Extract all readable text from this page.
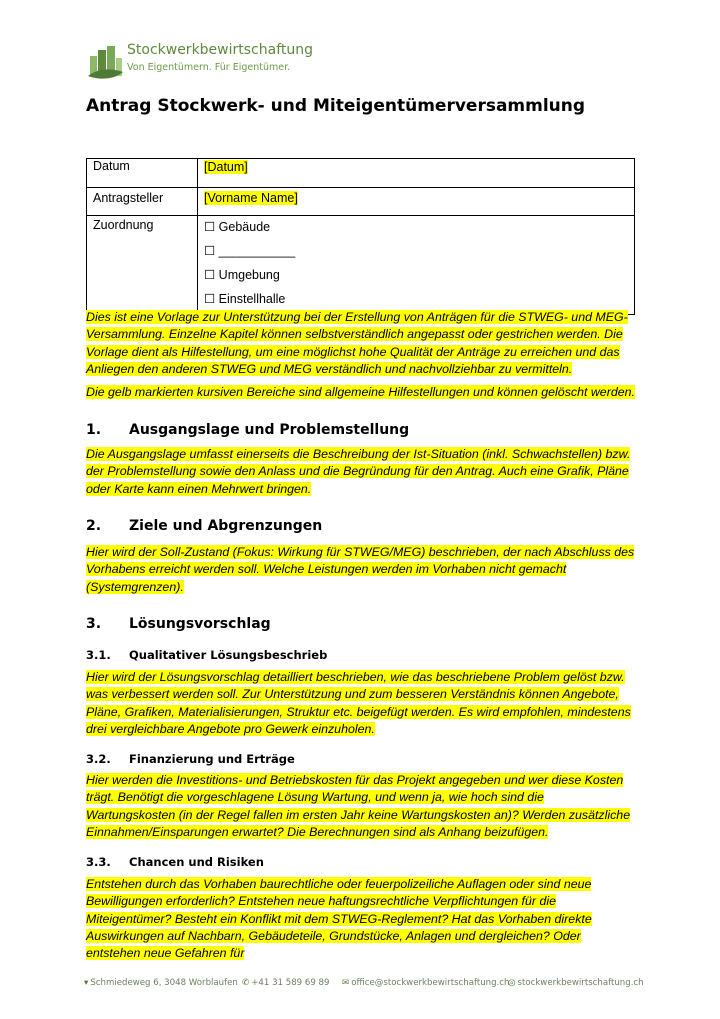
Stockwerkbewirtschaftung
Von Eigentümern. Für Eigentümer.
Antrag Stockwerk- und Miteigentümerversammlung
Datum	[Datum]
Antragsteller	[Vorname Name]
Zuordnung	☐ Gebäude
☐ ___________
☐ Umgebung
☐ Einstellhalle
Dies ist eine Vorlage zur Unterstützung bei der Erstellung von Anträgen für die STWEG- und MEG-Versammlung. Einzelne Kapitel können selbstverständlich angepasst oder gestrichen werden. Die Vorlage dient als Hilfestellung, um eine möglichst hohe Qualität der Anträge zu erreichen und das Anliegen den anderen STWEG und MEG verständlich und nachvollziehbar zu vermitteln.
Die gelb markierten kursiven Bereiche sind allgemeine Hilfestellungen und können gelöscht werden.
1. Ausgangslage und Problemstellung
Die Ausgangslage umfasst einerseits die Beschreibung der Ist-Situation (inkl. Schwachstellen) bzw. der Problemstellung sowie den Anlass und die Begründung für den Antrag. Auch eine Grafik, Pläne oder Karte kann einen Mehrwert bringen.
2. Ziele und Abgrenzungen
Hier wird der Soll-Zustand (Fokus: Wirkung für STWEG/MEG) beschrieben, der nach Abschluss des Vorhabens erreicht werden soll. Welche Leistungen werden im Vorhaben nicht gemacht (Systemgrenzen).
3. Lösungsvorschlag
3.1. Qualitativer Lösungsbeschrieb
Hier wird der Lösungsvorschlag detailliert beschrieben, wie das beschriebene Problem gelöst bzw. was verbessert werden soll. Zur Unterstützung und zum besseren Verständnis können Angebote, Pläne, Grafiken, Materialisierungen, Struktur etc. beigefügt werden. Es wird empfohlen, mindestens drei vergleichbare Angebote pro Gewerk einzuholen.
3.2. Finanzierung und Erträge
Hier werden die Investitions- und Betriebskosten für das Projekt angegeben und wer diese Kosten trägt. Benötigt die vorgeschlagene Lösung Wartung, und wenn ja, wie hoch sind die Wartungskosten (in der Regel fallen im ersten Jahr keine Wartungskosten an)? Werden zusätzliche Einnahmen/Einsparungen erwartet? Die Berechnungen sind als Anhang beizufügen.
3.3. Chancen und Risiken
Entstehen durch das Vorhaben baurechtliche oder feuerpolizeiliche Auflagen oder sind neue Bewilligungen erforderlich? Entstehen neue haftungsrechtliche Verpflichtungen für die Miteigentümer? Besteht ein Konflikt mit dem STWEG-Reglement? Hat das Vorhaben direkte Auswirkungen auf Nachbarn, Gebäudeteile, Grundstücke, Anlagen und dergleichen? Oder entstehen neue Gefahren für
▾ Schmiedeweg 6, 3048 Worblaufen ✆ +41 31 589 69 89 ✉ office@stockwerkbewirtschaftung.ch
◎ stockwerkbewirtschaftung.ch
